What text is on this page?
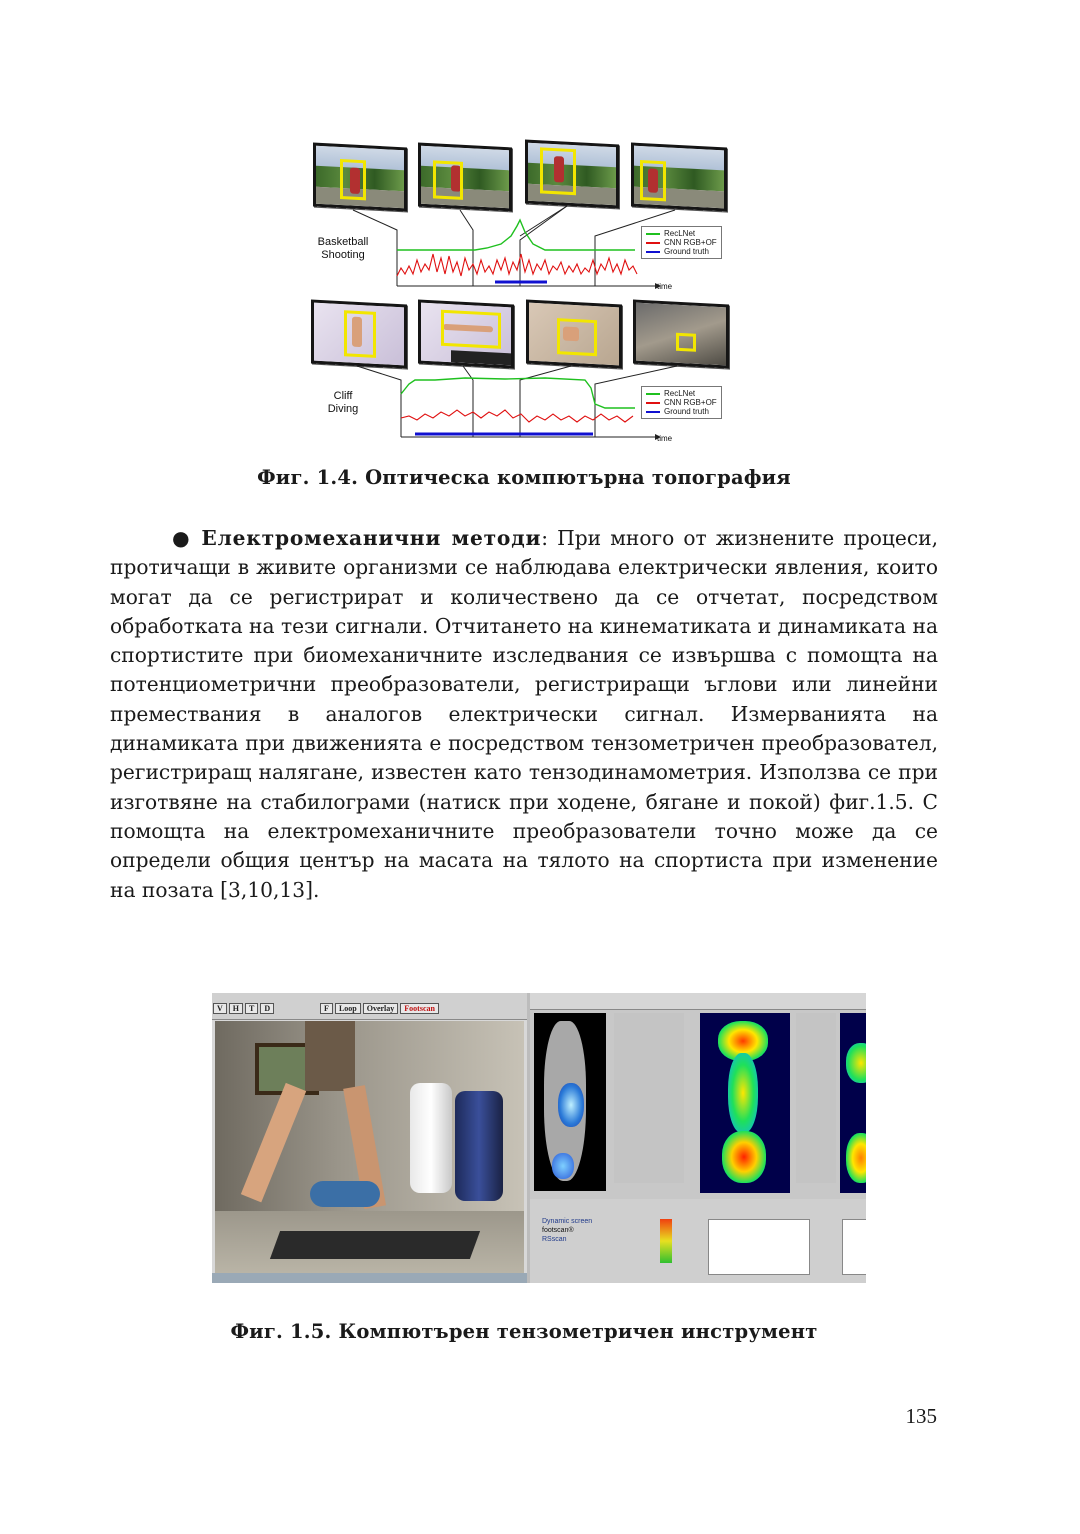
Basketball
Shooting
Cliff
Diving
RecLNet
CNN RGB+OF
Ground truth
RecLNet
CNN RGB+OF
Ground truth
time
time
Фиг. 1.4. Оптическа компютърна топография

● Електромеханични методи: При много от жизнените процеси, протичащи в живите организми се наблюдава електрически явления, които могат да се регистрират и количествено да се отчетат, посредством обработката на тези сигнали. Отчитането на кинематиката и динамиката на спортистите при биомеханичните изследвания се извършва с помощта на потенциометрични преобразователи, регистриращи ъглови или линейни премествания в аналогов електрически сигнал. Измерванията на динамиката при движенията е посредством тензометричен преобразовател, регистриращ налягане, известен като тензодинамометрия. Използва се при изготвяне на стабилограми (натиск при ходене, бягане и покой) фиг.1.5. С помощта на електромеханичните преобразователи точно може да се определи общия център на масата на тялото на спортиста при изменение на позата [3,10,13].

V H T D	F Loop Overlay Footscan
Dynamic screen
footscan®
RSscan
Фиг. 1.5. Компютърен тензометричен инструмент
135
